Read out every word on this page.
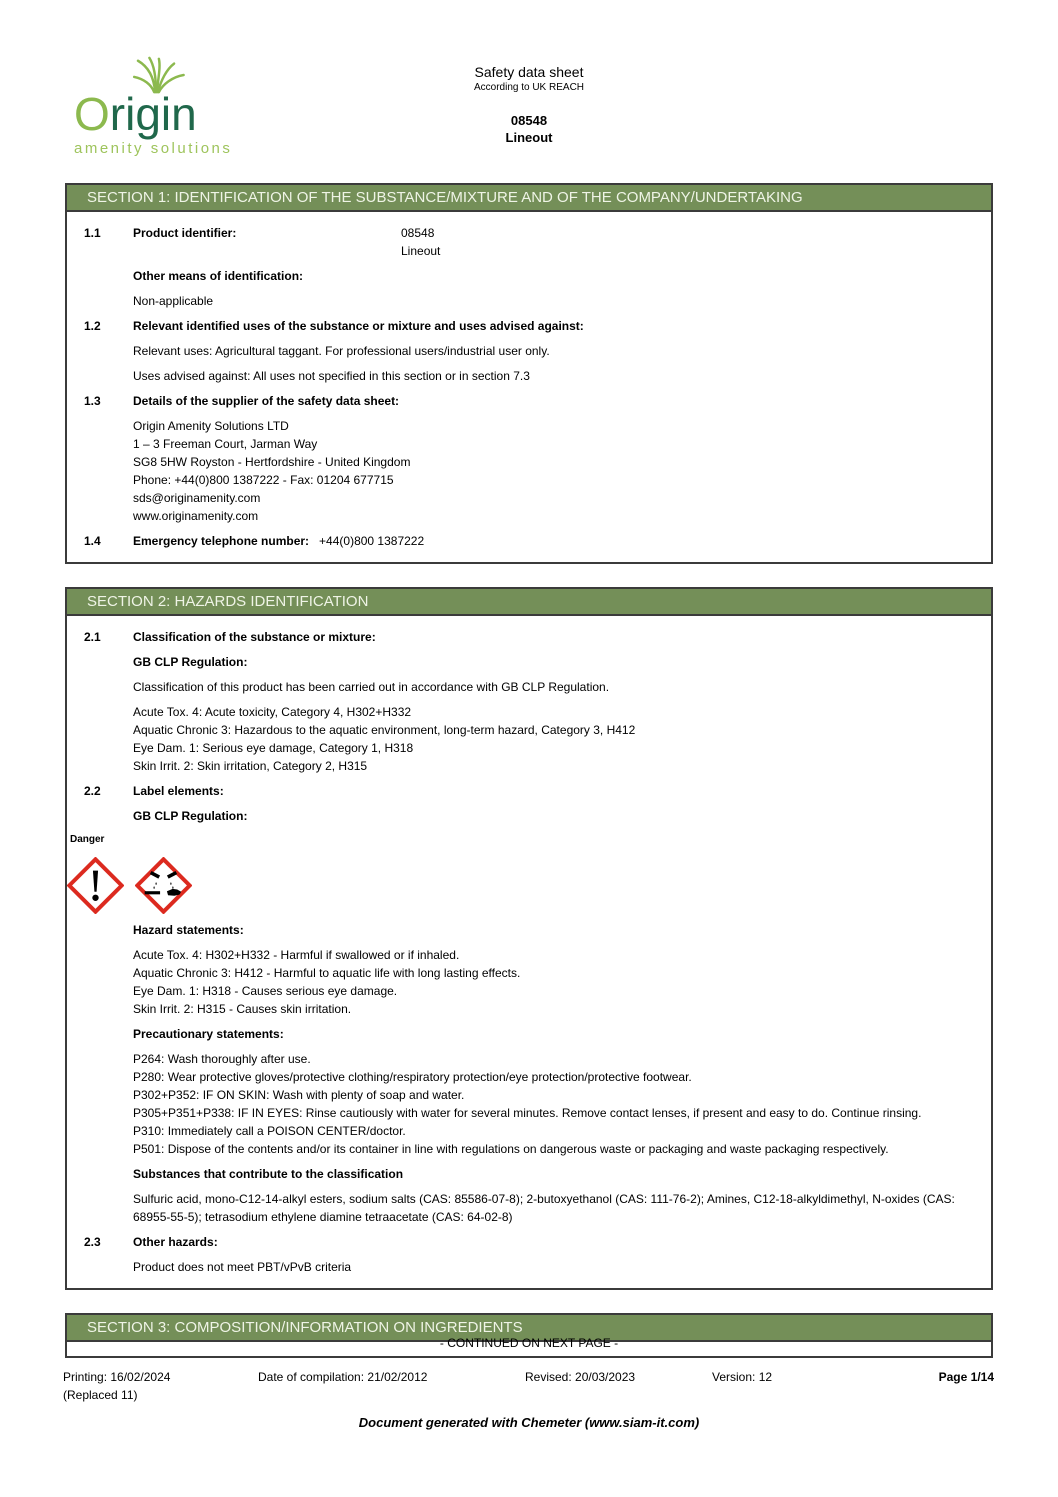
Origin
amenity solutions
Safety data sheet
According to UK REACH
08548
Lineout
SECTION 1: IDENTIFICATION OF THE SUBSTANCE/MIXTURE AND OF THE COMPANY/UNDERTAKING
1.1	Product identifier:	08548
Lineout
Other means of identification:
Non-applicable
1.2	Relevant identified uses of the substance or mixture and uses advised against:
Relevant uses: Agricultural taggant. For professional users/industrial user only.
Uses advised against: All uses not specified in this section or in section 7.3
1.3	Details of the supplier of the safety data sheet:
Origin Amenity Solutions LTD
1 – 3 Freeman Court, Jarman Way
SG8 5HW Royston - Hertfordshire - United Kingdom
Phone: +44(0)800 1387222 - Fax: 01204 677715
sds@originamenity.com
www.originamenity.com
1.4	Emergency telephone number: +44(0)800 1387222
SECTION 2: HAZARDS IDENTIFICATION
2.1	Classification of the substance or mixture:
GB CLP Regulation:
Classification of this product has been carried out in accordance with GB CLP Regulation.
Acute Tox. 4: Acute toxicity, Category 4, H302+H332
Aquatic Chronic 3: Hazardous to the aquatic environment, long-term hazard, Category 3, H412
Eye Dam. 1: Serious eye damage, Category 1, H318
Skin Irrit. 2: Skin irritation, Category 2, H315
2.2	Label elements:
GB CLP Regulation:
Danger
Hazard statements:
Acute Tox. 4: H302+H332 - Harmful if swallowed or if inhaled.
Aquatic Chronic 3: H412 - Harmful to aquatic life with long lasting effects.
Eye Dam. 1: H318 - Causes serious eye damage.
Skin Irrit. 2: H315 - Causes skin irritation.
Precautionary statements:
P264: Wash thoroughly after use.
P280: Wear protective gloves/protective clothing/respiratory protection/eye protection/protective footwear.
P302+P352: IF ON SKIN: Wash with plenty of soap and water.
P305+P351+P338: IF IN EYES: Rinse cautiously with water for several minutes. Remove contact lenses, if present and easy to do. Continue rinsing.
P310: Immediately call a POISON CENTER/doctor.
P501: Dispose of the contents and/or its container in line with regulations on dangerous waste or packaging and waste packaging respectively.
Substances that contribute to the classification
Sulfuric acid, mono-C12-14-alkyl esters, sodium salts (CAS: 85586-07-8); 2-butoxyethanol (CAS: 111-76-2); Amines, C12-18-alkyldimethyl, N-oxides (CAS: 68955-55-5); tetrasodium ethylene diamine tetraacetate (CAS: 64-02-8)
2.3	Other hazards:
Product does not meet PBT/vPvB criteria
SECTION 3: COMPOSITION/INFORMATION ON INGREDIENTS
- CONTINUED ON NEXT PAGE -
Printing: 16/02/2024
(Replaced 11)
Date of compilation: 21/02/2012	Revised: 20/03/2023	Version: 12	Page 1/14
Document generated with Chemeter (www.siam-it.com)
